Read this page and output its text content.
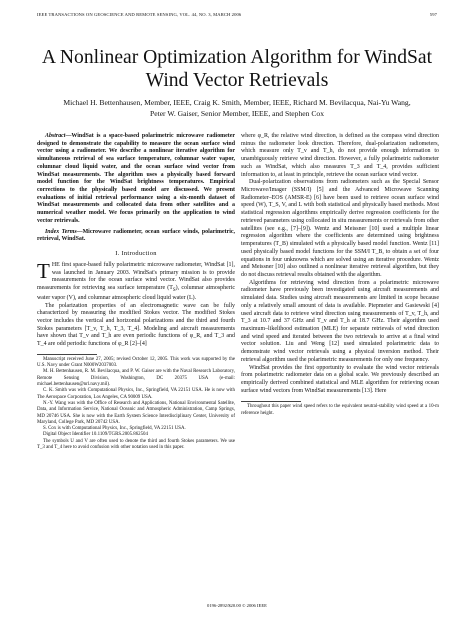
IEEE TRANSACTIONS ON GEOSCIENCE AND REMOTE SENSING, VOL. 44, NO. 3, MARCH 2006	597
A Nonlinear Optimization Algorithm for WindSat Wind Vector Retrievals
Michael H. Bettenhausen, Member, IEEE, Craig K. Smith, Member, IEEE, Richard M. Bevilacqua, Nai-Yu Wang,
Peter W. Gaiser, Senior Member, IEEE, and Stephen Cox

Abstract—WindSat is a space-based polarimetric microwave radiometer designed to demonstrate the capability to measure the ocean surface wind vector using a radiometer. We describe a nonlinear iterative algorithm for simultaneous retrieval of sea surface temperature, columnar water vapor, columnar cloud liquid water, and the ocean surface wind vector from WindSat measurements. The algorithm uses a physically based forward model function for the WindSat brightness temperatures. Empirical corrections to the physically based model are discussed. We present evaluations of initial retrieval performance using a six-month dataset of WindSat measurements and collocated data from other satellites and a numerical weather model. We focus primarily on the application to wind vector retrievals.

Index Terms—Microwave radiometer, ocean surface winds, polarimetric, retrieval, WindSat.

I. Introduction

THE first space-based fully polarimetric microwave radiometer, WindSat [1], was launched in January 2003. WindSat's primary mission is to provide measurements for the ocean surface wind vector. WindSat also provides measurements for retrieving sea surface temperature $(T_S)$, columnar atmospheric water vapor (V), and columnar atmospheric cloud liquid water (L).

The polarization properties of an electromagnetic wave can be fully characterized by measuring the modified Stokes vector. The modified Stokes vector includes the vertical and horizontal polarizations and the third and fourth Stokes parameters [T_v, T_h, T_3, T_4]. Modeling and aircraft measurements have shown that T_v and T_h are even periodic functions of φ_R, and T_3 and T_4 are odd periodic functions of φ_R [2]–[4]

Manuscript received June 27, 2005; revised October 12, 2005. This work was supported by the U.S. Navy under Grant N000W2037003.

M. H. Bettenhausen, R. M. Bevilacqua, and P. W. Gaiser are with the Naval Research Laboratory, Remote Sensing Division, Washington, DC 20375 USA (e-mail: michael.bettenhausen@nrl.navy.mil).

C. K. Smith was with Computational Physics, Inc., Springfield, VA 22151 USA. He is now with The Aerospace Corporation, Los Angeles, CA 90009 USA.

N.-Y. Wang was with the Office of Research and Applications, National Environmental Satellite, Data, and Information Service, National Oceanic and Atmospheric Administration, Camp Springs, MD 20746 USA. She is now with the Earth System Science Interdisciplinary Center, University of Maryland, College Park, MD 20742 USA.

S. Cox is with Computational Physics, Inc., Springfield, VA 22151 USA.

Digital Object Identifier 10.1109/TGRS.2005.862504

The symbols U and V are often used to denote the third and fourth Stokes parameters. We use T_3 and T_4 here to avoid confusion with other notation used in this paper.

where φ_R, the relative wind direction, is defined as the compass wind direction minus the radiometer look direction. Therefore, dual-polarization radiometers, which measure only T_v and T_h, do not provide enough information to unambiguously retrieve wind direction. However, a fully polarimetric radiometer such as WindSat, which also measures T_3 and T_4, provides sufficient information to, at least in principle, retrieve the ocean surface wind vector.

Dual-polarization observations from radiometers such as the Special Sensor Microwave/Imager (SSM/I) [5] and the Advanced Microwave Scanning Radiometer–EOS (AMSR-E) [6] have been used to retrieve ocean surface wind speed (W), T_S, V, and L with both statistical and physically based methods. Most statistical regression algorithms empirically derive regression coefficients for the retrieved parameters using collocated in situ measurements or retrievals from other satellites (see e.g., [7]–[9]). Wentz and Meissner [10] used a multiple linear regression algorithm where the coefficients are determined using brightness temperatures (T_B) simulated with a physically based model function. Wentz [11] used physically based model functions for the SSM/I T_B, to obtain a set of four equations in four unknowns which are solved using an iterative procedure. Wentz and Meissner [10] also outlined a nonlinear iterative retrieval algorithm, but they do not discuss retrieval results obtained with the algorithm.

Algorithms for retrieving wind direction from a polarimetric microwave radiometer have previously been investigated using aircraft measurements and simulated data. Studies using aircraft measurements are limited in scope because only a relatively small amount of data is available. Piepmeier and Gasiewski [4] used aircraft data to retrieve wind direction using measurements of T_v, T_h, and T_3 at 10.7 and 37 GHz and T_v and T_h at 18.7 GHz. Their algorithm used maximum–likelihood estimation (MLE) for separate retrievals of wind direction and wind speed and iterated between the two retrievals to arrive at a final wind vector solution. Liu and Weng [12] used simulated polarimetric data to demonstrate wind vector retrievals using a physical inversion method. Their retrieval algorithm used the polarimetric measurements for only one frequency.

WindSat provides the first opportunity to evaluate the wind vector retrievals from polarimetric radiometer data on a global scale. We previously described an empirically derived combined statistical and MLE algorithm for retrieving ocean surface wind vectors from WindSat measurements [13]. Here

Throughout this paper wind speed refers to the equivalent neutral-stability wind speed at a 10-m reference height.

0196-2892/$20.00 © 2006 IEEE
